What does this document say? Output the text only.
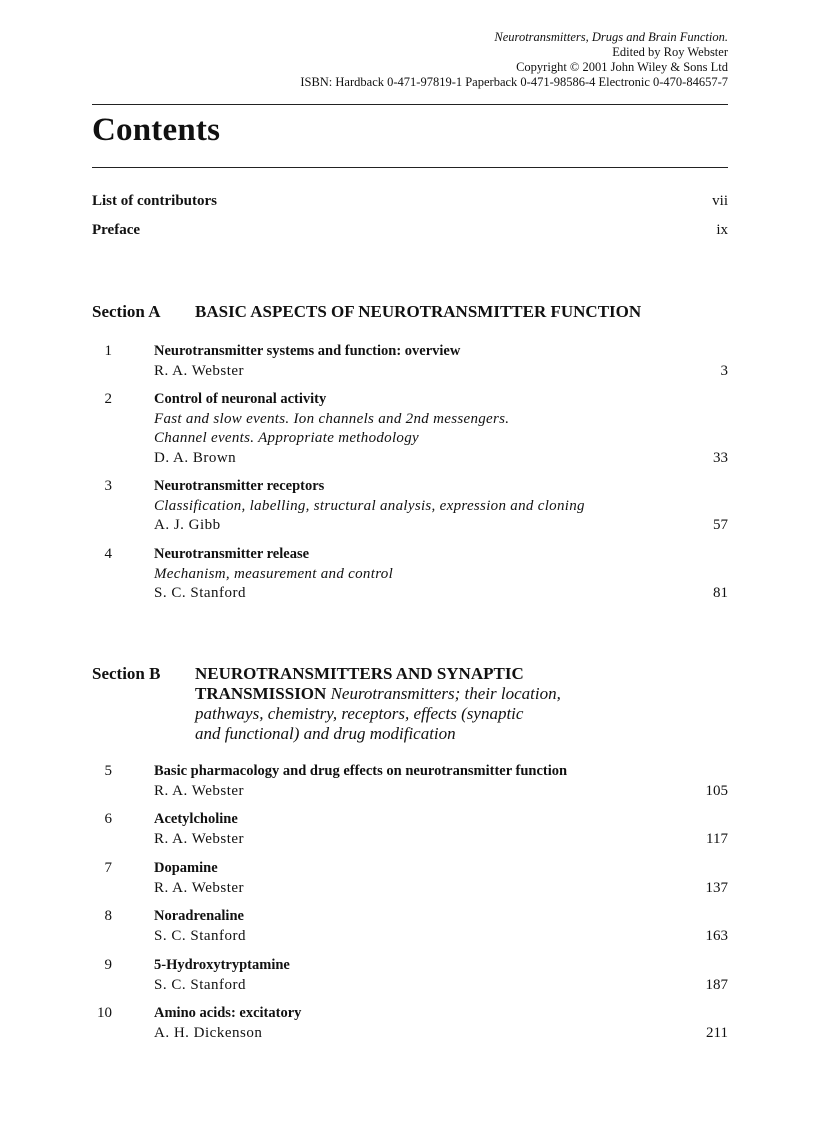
Neurotransmitters, Drugs and Brain Function.
Edited by Roy Webster
Copyright © 2001 John Wiley & Sons Ltd
ISBN: Hardback 0-471-97819-1 Paperback 0-471-98586-4 Electronic 0-470-84657-7
Contents
List of contributors	vii
Preface	ix
Section A BASIC ASPECTS OF NEUROTRANSMITTER FUNCTION
1	Neurotransmitter systems and function: overview
R. A. Webster	3
2	Control of neuronal activity
Fast and slow events. Ion channels and 2nd messengers.
Channel events. Appropriate methodology
D. A. Brown	33
3	Neurotransmitter receptors
Classification, labelling, structural analysis, expression and cloning
A. J. Gibb	57
4	Neurotransmitter release
Mechanism, measurement and control
S. C. Stanford	81
Section B NEUROTRANSMITTERS AND SYNAPTIC
TRANSMISSION Neurotransmitters; their location,
pathways, chemistry, receptors, effects (synaptic
and functional) and drug modification
5	Basic pharmacology and drug effects on neurotransmitter function
R. A. Webster	105
6	Acetylcholine
R. A. Webster	117
7	Dopamine
R. A. Webster	137
8	Noradrenaline
S. C. Stanford	163
9	5-Hydroxytryptamine
S. C. Stanford	187
10	Amino acids: excitatory
A. H. Dickenson	211
